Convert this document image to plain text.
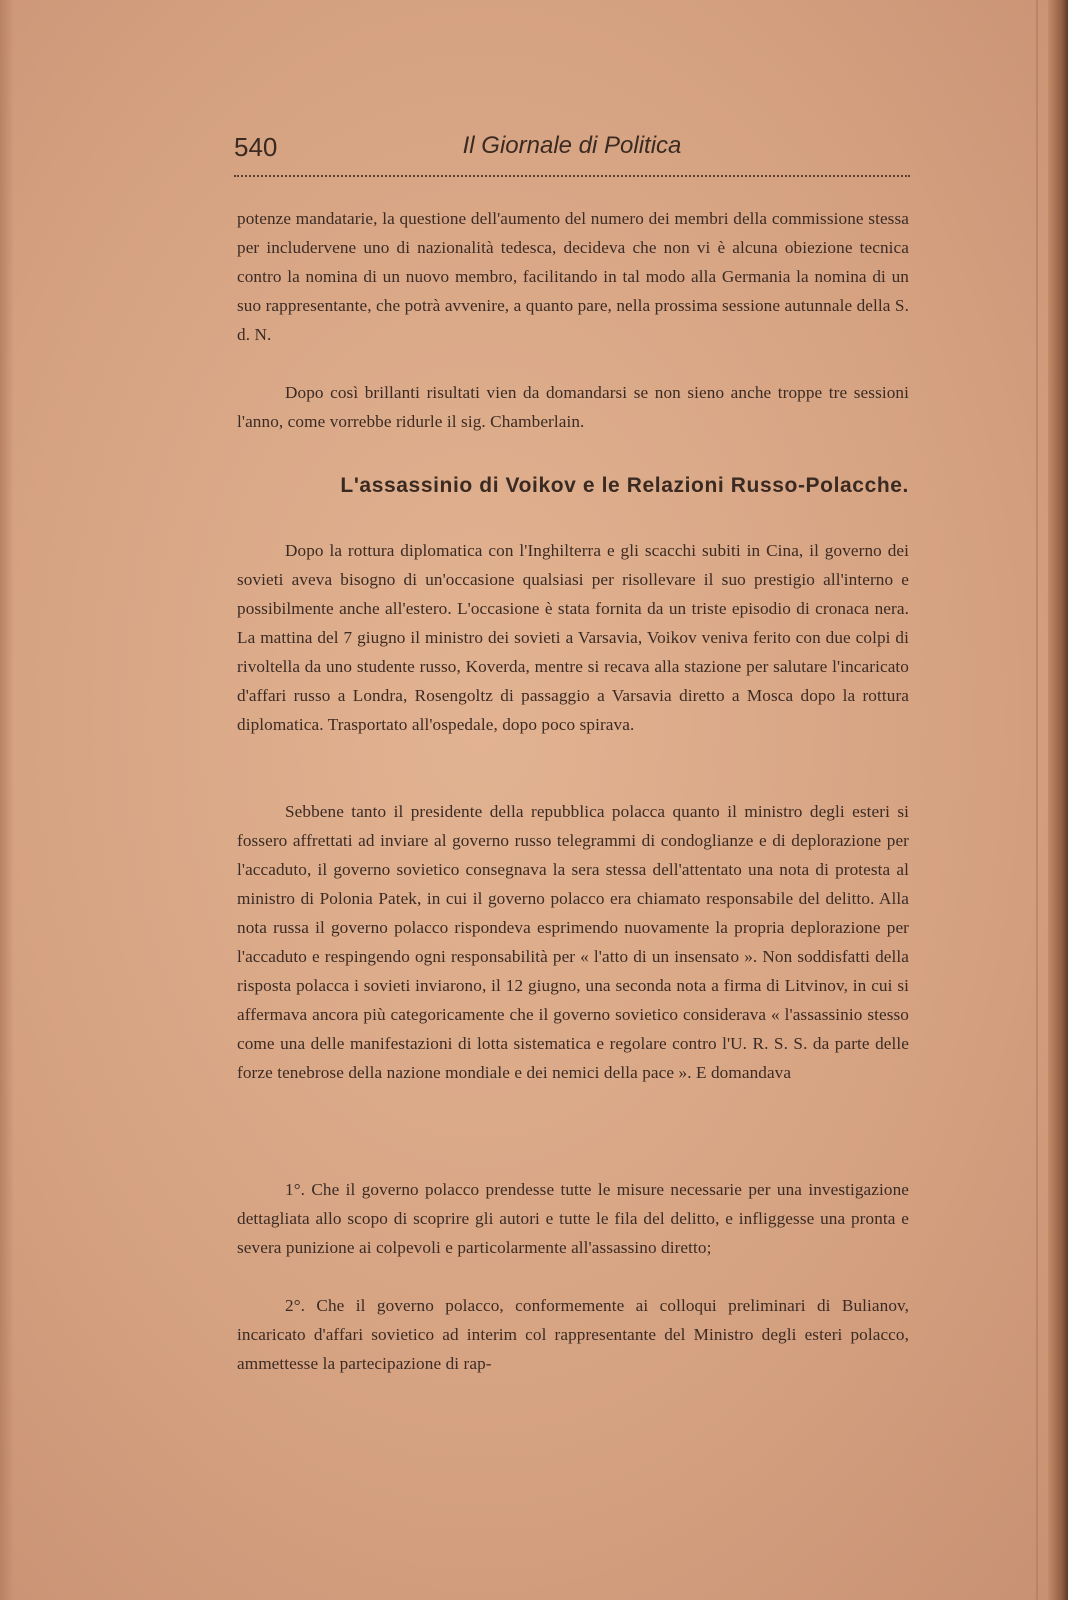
540	Il Giornale di Politica

potenze mandatarie, la questione dell'aumento del numero dei membri della commissione stessa per includervene uno di nazionalità tedesca, decideva che non vi è alcuna obiezione tecnica contro la nomina di un nuovo membro, facilitando in tal modo alla Germania la nomina di un suo rappresentante, che potrà avvenire, a quanto pare, nella prossima sessione autunnale della S. d. N.

Dopo così brillanti risultati vien da domandarsi se non sieno anche troppe tre sessioni l'anno, come vorrebbe ridurle il sig. Chamberlain.

L'assassinio di Voikov e le Relazioni Russo-Polacche.

Dopo la rottura diplomatica con l'Inghilterra e gli scacchi subiti in Cina, il governo dei sovieti aveva bisogno di un'occasione qualsiasi per risollevare il suo prestigio all'interno e possibilmente anche all'estero. L'occasione è stata fornita da un triste episodio di cronaca nera. La mattina del 7 giugno il ministro dei sovieti a Varsavia, Voikov veniva ferito con due colpi di rivoltella da uno studente russo, Koverda, mentre si recava alla stazione per salutare l'incaricato d'affari russo a Londra, Rosengoltz di passaggio a Varsavia diretto a Mosca dopo la rottura diplomatica. Trasportato all'ospedale, dopo poco spirava.

Sebbene tanto il presidente della repubblica polacca quanto il ministro degli esteri si fossero affrettati ad inviare al governo russo telegrammi di condoglianze e di deplorazione per l'accaduto, il governo sovietico consegnava la sera stessa dell'attentato una nota di protesta al ministro di Polonia Patek, in cui il governo polacco era chiamato responsabile del delitto. Alla nota russa il governo polacco rispondeva esprimendo nuovamente la propria deplorazione per l'accaduto e respingendo ogni responsabilità per « l'atto di un insensato ». Non soddisfatti della risposta polacca i sovieti inviarono, il 12 giugno, una seconda nota a firma di Litvinov, in cui si affermava ancora più categoricamente che il governo sovietico considerava « l'assassinio stesso come una delle manifestazioni di lotta sistematica e regolare contro l'U. R. S. S. da parte delle forze tenebrose della nazione mondiale e dei nemici della pace ». E domandava

1°. Che il governo polacco prendesse tutte le misure necessarie per una investigazione dettagliata allo scopo di scoprire gli autori e tutte le fila del delitto, e infliggesse una pronta e severa punizione ai colpevoli e particolarmente all'assassino diretto;

2°. Che il governo polacco, conformemente ai colloqui preliminari di Bulianov, incaricato d'affari sovietico ad interim col rappresentante del Ministro degli esteri polacco, ammettesse la partecipazione di rap-
